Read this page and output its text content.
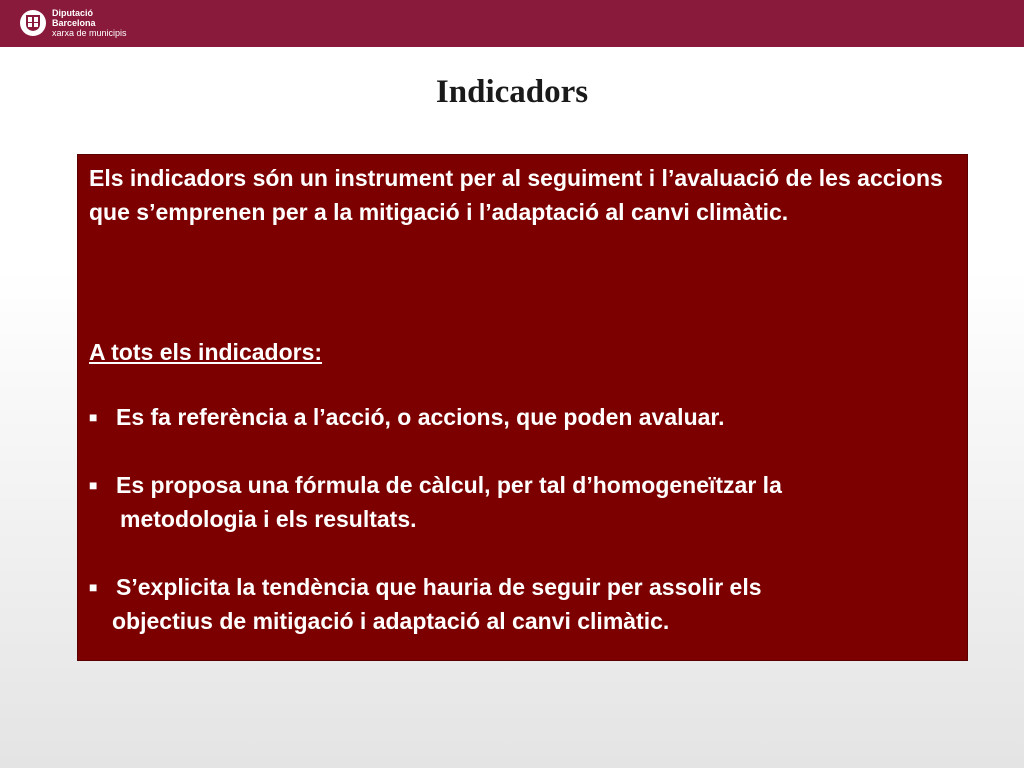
Diputació
Barcelona
xarxa de municipis
Indicadors

Els indicadors són un instrument per al seguiment i l’avaluació de les accions que s’emprenen per a la mitigació i l’adaptació al canvi climàtic.

A tots els indicadors:

■ Es fa referència a l’acció, o accions, que poden avaluar.
■ Es proposa una fórmula de càlcul, per tal d’homogeneïtzar la
metodologia i els resultats.
■ S’explicita la tendència que hauria de seguir per assolir els
objectius de mitigació i adaptació al canvi climàtic.
